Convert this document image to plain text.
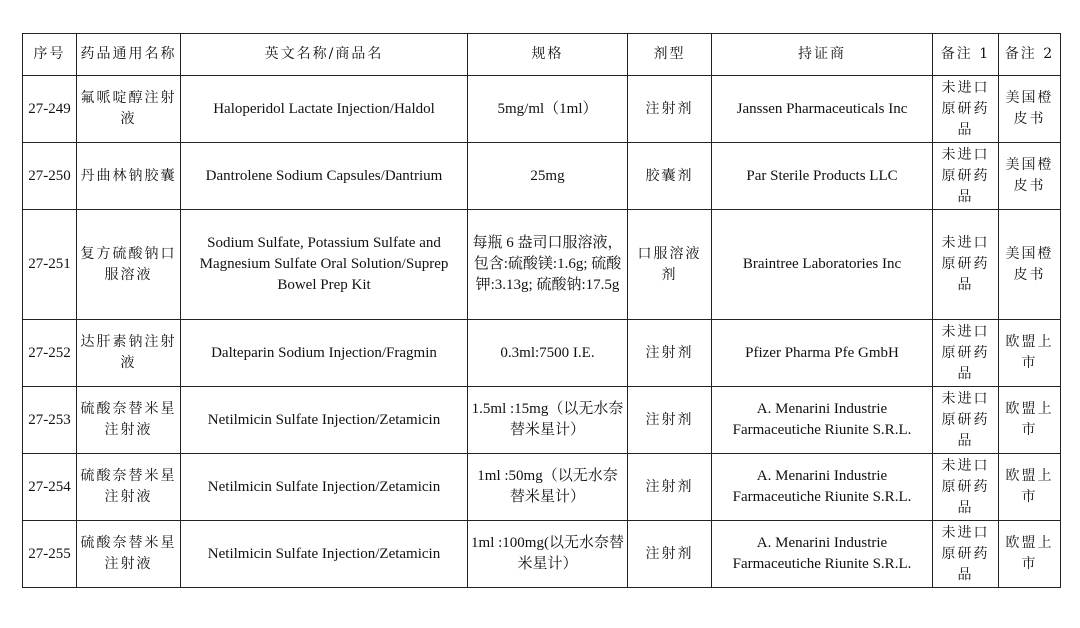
序号	药品通用名称	英文名称/商品名	规格	剂型	持证商	备注 1	备注 2
27-249	氟哌啶醇注射液	Haloperidol Lactate Injection/Haldol	5mg/ml（1ml）	注射剂	Janssen Pharmaceuticals Inc	未进口原研药品	美国橙皮书
27-250	丹曲林钠胶囊	Dantrolene Sodium Capsules/Dantrium	25mg	胶囊剂	Par Sterile Products LLC	未进口原研药品	美国橙皮书
27-251	复方硫酸钠口服溶液	Sodium Sulfate, Potassium Sulfate and Magnesium Sulfate Oral Solution/Suprep Bowel Prep Kit	每瓶 6 盎司口服溶液，包含:硫酸镁:1.6g; 硫酸钾:3.13g; 硫酸钠:17.5g	口服溶液剂	Braintree Laboratories Inc	未进口原研药品	美国橙皮书
27-252	达肝素钠注射液	Dalteparin Sodium Injection/Fragmin	0.3ml:7500 I.E.	注射剂	Pfizer Pharma Pfe GmbH	未进口原研药品	欧盟上市
27-253	硫酸奈替米星注射液	Netilmicin Sulfate Injection/Zetamicin	1.5ml :15mg（以无水奈替米星计）	注射剂	A. Menarini Industrie Farmaceutiche Riunite S.R.L.	未进口原研药品	欧盟上市
27-254	硫酸奈替米星注射液	Netilmicin Sulfate Injection/Zetamicin	1ml :50mg（以无水奈替米星计）	注射剂	A. Menarini Industrie Farmaceutiche Riunite S.R.L.	未进口原研药品	欧盟上市
27-255	硫酸奈替米星注射液	Netilmicin Sulfate Injection/Zetamicin	1ml :100mg(以无水奈替米星计）	注射剂	A. Menarini Industrie Farmaceutiche Riunite S.R.L.	未进口原研药品	欧盟上市
